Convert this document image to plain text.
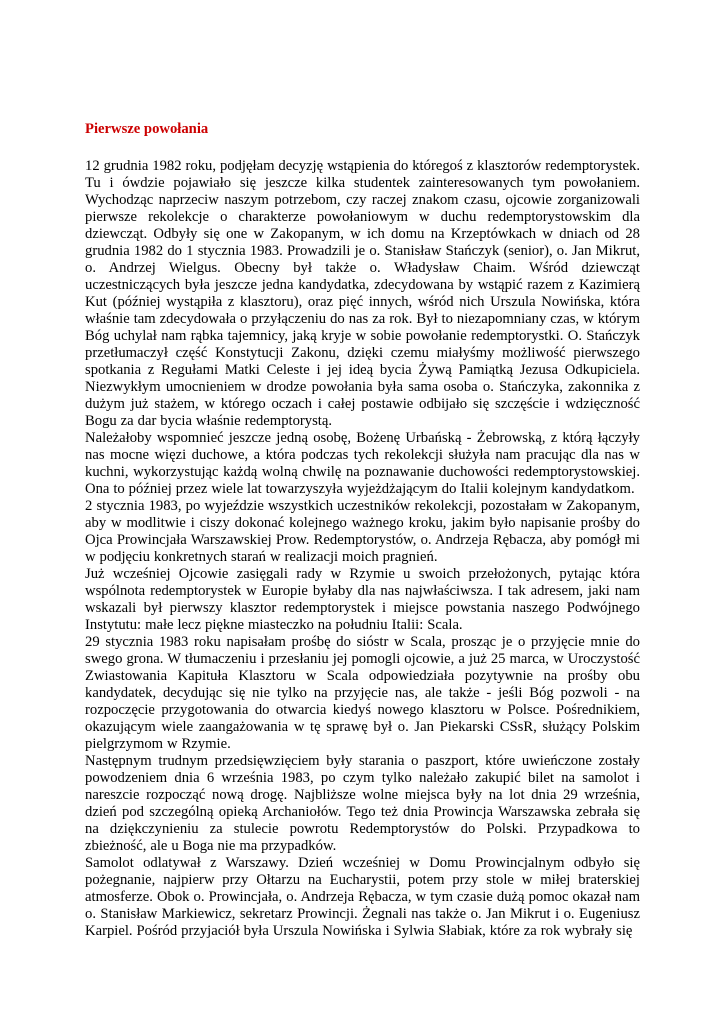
Pierwsze powołania

12 grudnia 1982 roku, podjęłam decyzję wstąpienia do któregoś z klasztorów redemptorystek. Tu i ówdzie pojawiało się jeszcze kilka studentek zainteresowanych tym powołaniem. Wychodząc naprzeciw naszym potrzebom, czy raczej znakom czasu, ojcowie zorganizowali pierwsze rekolekcje o charakterze powołaniowym w duchu redemptorystowskim dla dziewcząt. Odbyły się one w Zakopanym, w ich domu na Krzeptówkach w dniach od 28 grudnia 1982 do 1 stycznia 1983. Prowadzili je o. Stanisław Stańczyk (senior), o. Jan Mikrut, o. Andrzej Wielgus. Obecny był także o. Władysław Chaim. Wśród dziewcząt uczestniczących była jeszcze jedna kandydatka, zdecydowana by wstąpić razem z Kazimierą Kut (później wystąpiła z klasztoru), oraz pięć innych, wśród nich Urszula Nowińska, która właśnie tam zdecydowała o przyłączeniu do nas za rok. Był to niezapomniany czas, w którym Bóg uchylał nam rąbka tajemnicy, jaką kryje w sobie powołanie redemptorystki. O. Stańczyk przetłumaczył część Konstytucji Zakonu, dzięki czemu miałyśmy możliwość pierwszego spotkania z Regułami Matki Celeste i jej ideą bycia Żywą Pamiątką Jezusa Odkupiciela. Niezwykłym umocnieniem w drodze powołania była sama osoba o. Stańczyka, zakonnika z dużym już stażem, w którego oczach i całej postawie odbijało się szczęście i wdzięczność Bogu za dar bycia właśnie redemptorystą.

Należałoby wspomnieć jeszcze jedną osobę, Bożenę Urbańską - Żebrowską, z którą łączyły nas mocne więzi duchowe, a która podczas tych rekolekcji służyła nam pracując dla nas w kuchni, wykorzystując każdą wolną chwilę na poznawanie duchowości redemptorystowskiej. Ona to później przez wiele lat towarzyszyła wyjeżdżającym do Italii kolejnym kandydatkom.

2 stycznia 1983, po wyjeździe wszystkich uczestników rekolekcji, pozostałam w Zakopanym, aby w modlitwie i ciszy dokonać kolejnego ważnego kroku, jakim było napisanie prośby do Ojca Prowincjała Warszawskiej Prow. Redemptorystów, o. Andrzeja Rębacza, aby pomógł mi w podjęciu konkretnych starań w realizacji moich pragnień.

Już wcześniej Ojcowie zasięgali rady w Rzymie u swoich przełożonych, pytając która wspólnota redemptorystek w Europie byłaby dla nas najwłaściwsza. I tak adresem, jaki nam wskazali był pierwszy klasztor redemptorystek i miejsce powstania naszego Podwójnego Instytutu: małe lecz piękne miasteczko na południu Italii: Scala.

29 stycznia 1983 roku napisałam prośbę do sióstr w Scala, prosząc je o przyjęcie mnie do swego grona. W tłumaczeniu i przesłaniu jej pomogli ojcowie, a już 25 marca, w Uroczystość Zwiastowania Kapituła Klasztoru w Scala odpowiedziała pozytywnie na prośby obu kandydatek, decydując się nie tylko na przyjęcie nas, ale także - jeśli Bóg pozwoli - na rozpoczęcie przygotowania do otwarcia kiedyś nowego klasztoru w Polsce. Pośrednikiem, okazującym wiele zaangażowania w tę sprawę był o. Jan Piekarski CSsR, służący Polskim pielgrzymom w Rzymie.

Następnym trudnym przedsięwzięciem były starania o paszport, które uwieńczone zostały powodzeniem dnia 6 września 1983, po czym tylko należało zakupić bilet na samolot i nareszcie rozpocząć nową drogę. Najbliższe wolne miejsca były na lot dnia 29 września, dzień pod szczególną opieką Archaniołów. Tego też dnia Prowincja Warszawska zebrała się na dziękczynieniu za stulecie powrotu Redemptorystów do Polski. Przypadkowa to zbieżność, ale u Boga nie ma przypadków.

Samolot odlatywał z Warszawy. Dzień wcześniej w Domu Prowincjalnym odbyło się pożegnanie, najpierw przy Ołtarzu na Eucharystii, potem przy stole w miłej braterskiej atmosferze. Obok o. Prowincjała, o. Andrzeja Rębacza, w tym czasie dużą pomoc okazał nam o. Stanisław Markiewicz, sekretarz Prowincji. Żegnali nas także o. Jan Mikrut i o. Eugeniusz Karpiel. Pośród przyjaciół była Urszula Nowińska i Sylwia Słabiak, które za rok wybrały się
